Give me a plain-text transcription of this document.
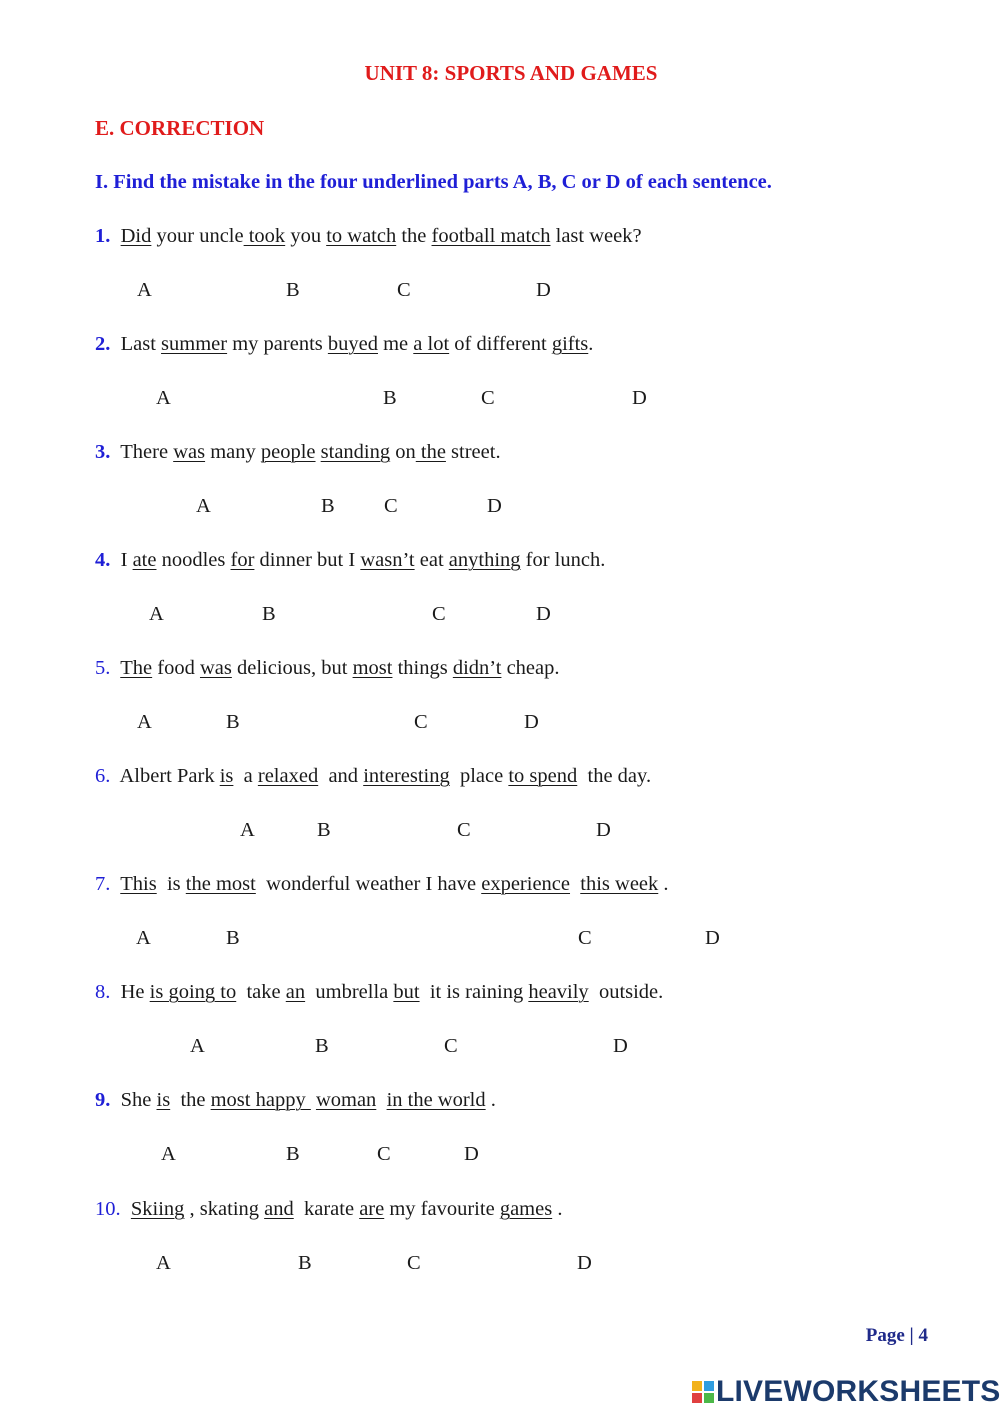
UNIT 8: SPORTS AND GAMES
E. CORRECTION
I. Find the mistake in the four underlined parts A, B, C or D of each sentence.
1. Did your uncle took you to watch the football match last week?
A	B	C	D
2. Last summer my parents buyed me a lot of different gifts.
A	B	C	D
3. There was many people standing on the street.
A	B C	D
4. I ate noodles for dinner but I wasn’t eat anything for lunch.
A	B	C	D
5. The food was delicious, but most things didn’t cheap.
A	B	C	D
6. Albert Park is  a relaxed  and interesting  place to spend  the day.
A	B	C	D
7. This  is the most  wonderful weather I have experience this week .
A	B	C	D
8. He is going to  take an  umbrella but  it is raining heavily  outside.
A	B	C	D
9. She is  the most happy  woman in the world .
A	B	C	D
10. Skiing , skating and  karate are my favourite games .
A	B	C	D
Page | 4
LIVEWORKSHEETS
